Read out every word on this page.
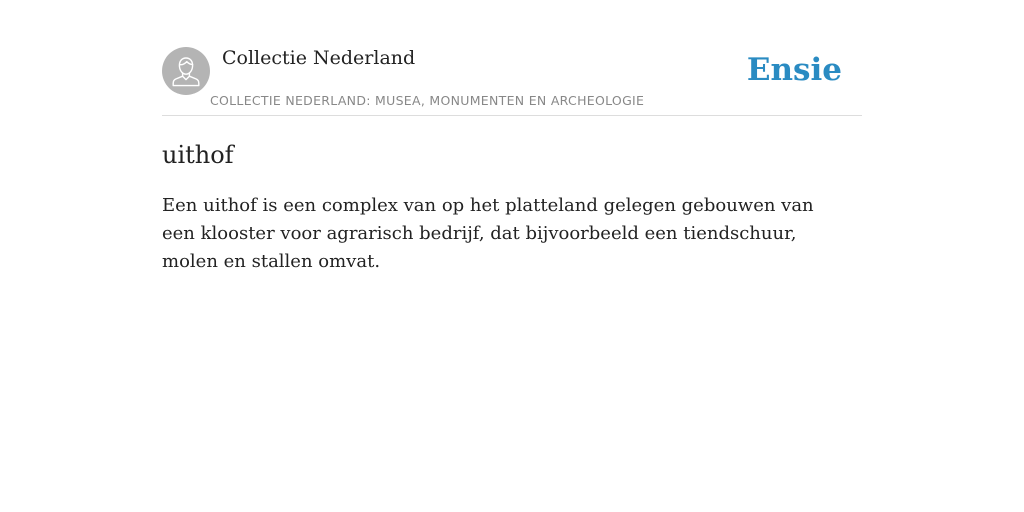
Collectie Nederland
COLLECTIE NEDERLAND: MUSEA, MONUMENTEN EN ARCHEOLOGIE
Ensie
uithof

Een uithof is een complex van op het platteland gelegen gebouwen van een klooster voor agrarisch bedrijf, dat bijvoorbeeld een tiendschuur, molen en stallen omvat.
